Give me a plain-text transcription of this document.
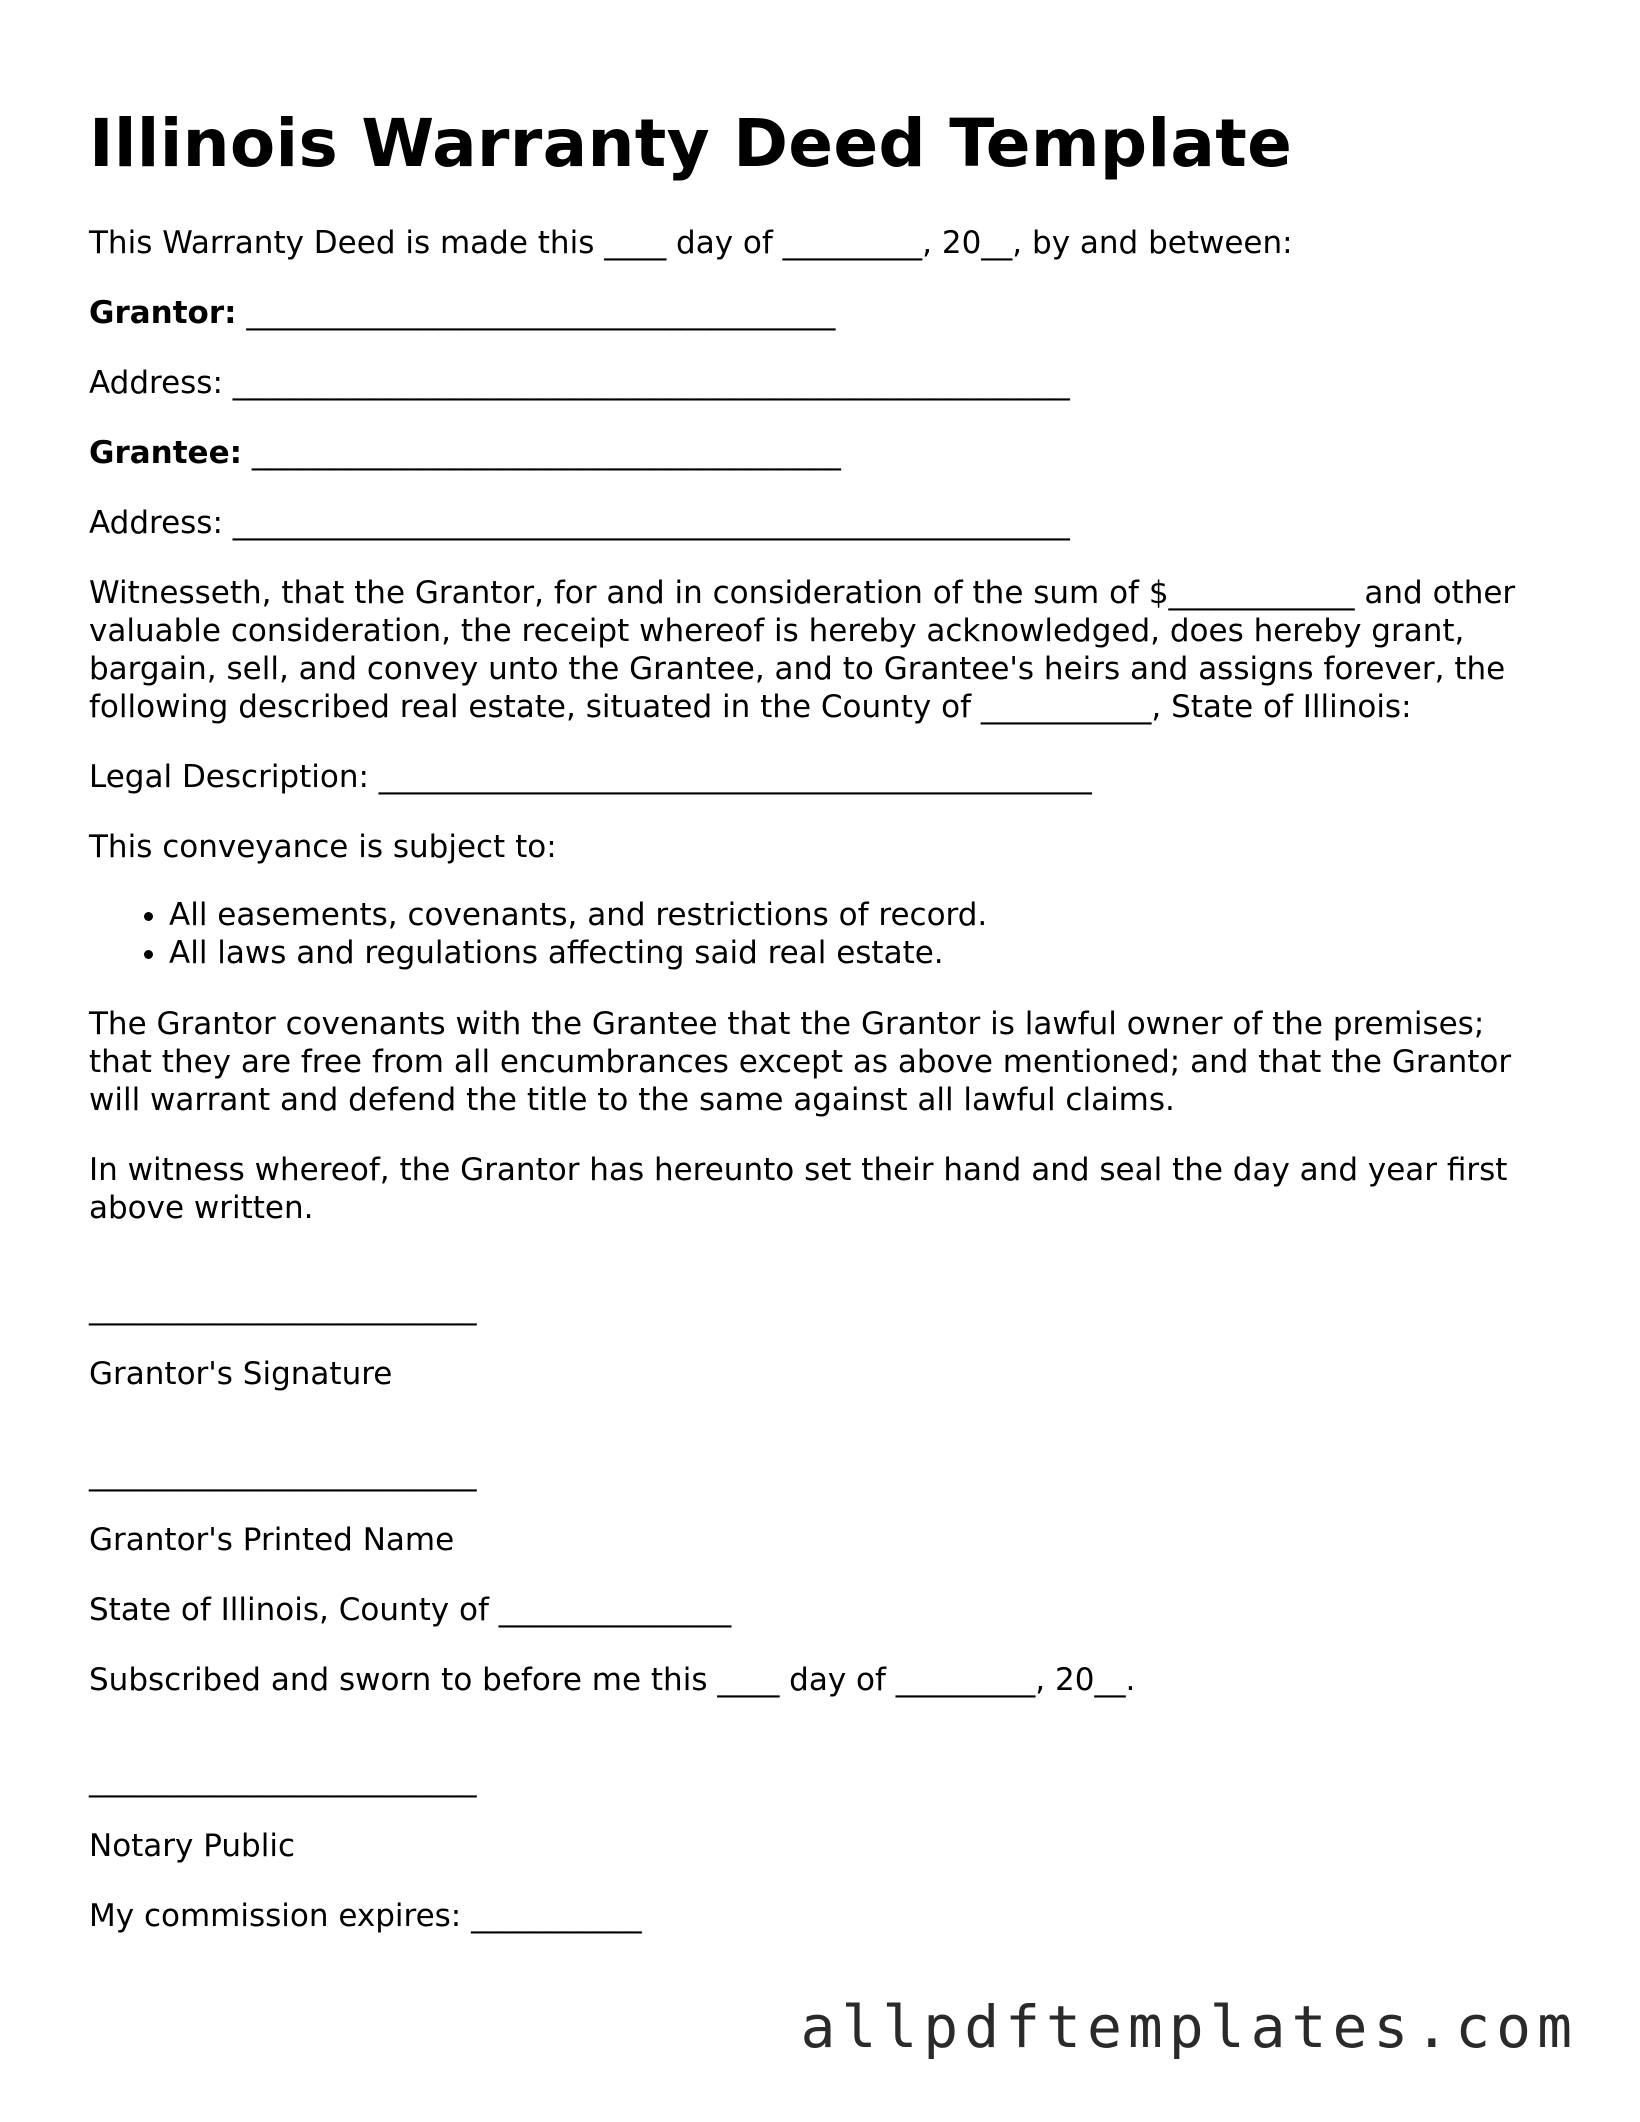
Illinois Warranty Deed Template

This Warranty Deed is made this ____ day of _________, 20__, by and between:

Grantor: ______________________________________

Address: ______________________________________________________

Grantee: ______________________________________

Address: ______________________________________________________

Witnesseth, that the Grantor, for and in consideration of the sum of $____________ and other valuable consideration, the receipt whereof is hereby acknowledged, does hereby grant, bargain, sell, and convey unto the Grantee, and to Grantee's heirs and assigns forever, the following described real estate, situated in the County of ___________, State of Illinois:

Legal Description: ______________________________________________

This conveyance is subject to:

• All easements, covenants, and restrictions of record.
• All laws and regulations affecting said real estate.

The Grantor covenants with the Grantee that the Grantor is lawful owner of the premises; that they are free from all encumbrances except as above mentioned; and that the Grantor will warrant and defend the title to the same against all lawful claims.

In witness whereof, the Grantor has hereunto set their hand and seal the day and year first above written.

_________________________

Grantor's Signature

_________________________

Grantor's Printed Name

State of Illinois, County of _______________

Subscribed and sworn to before me this ____ day of _________, 20__.

_________________________

Notary Public

My commission expires: ___________

allpdftemplates.com
